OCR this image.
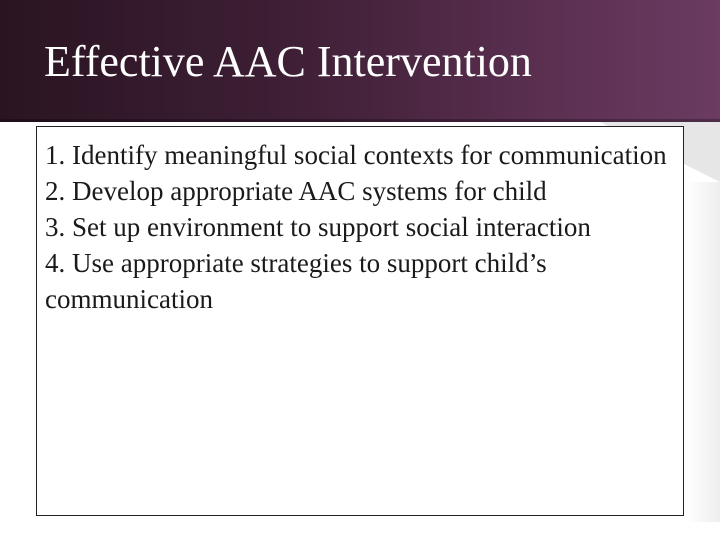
Effective AAC Intervention
1. Identify meaningful social contexts for communication
2. Develop appropriate AAC systems for child
3. Set up environment to support social interaction
4. Use appropriate strategies to support child’s communication
